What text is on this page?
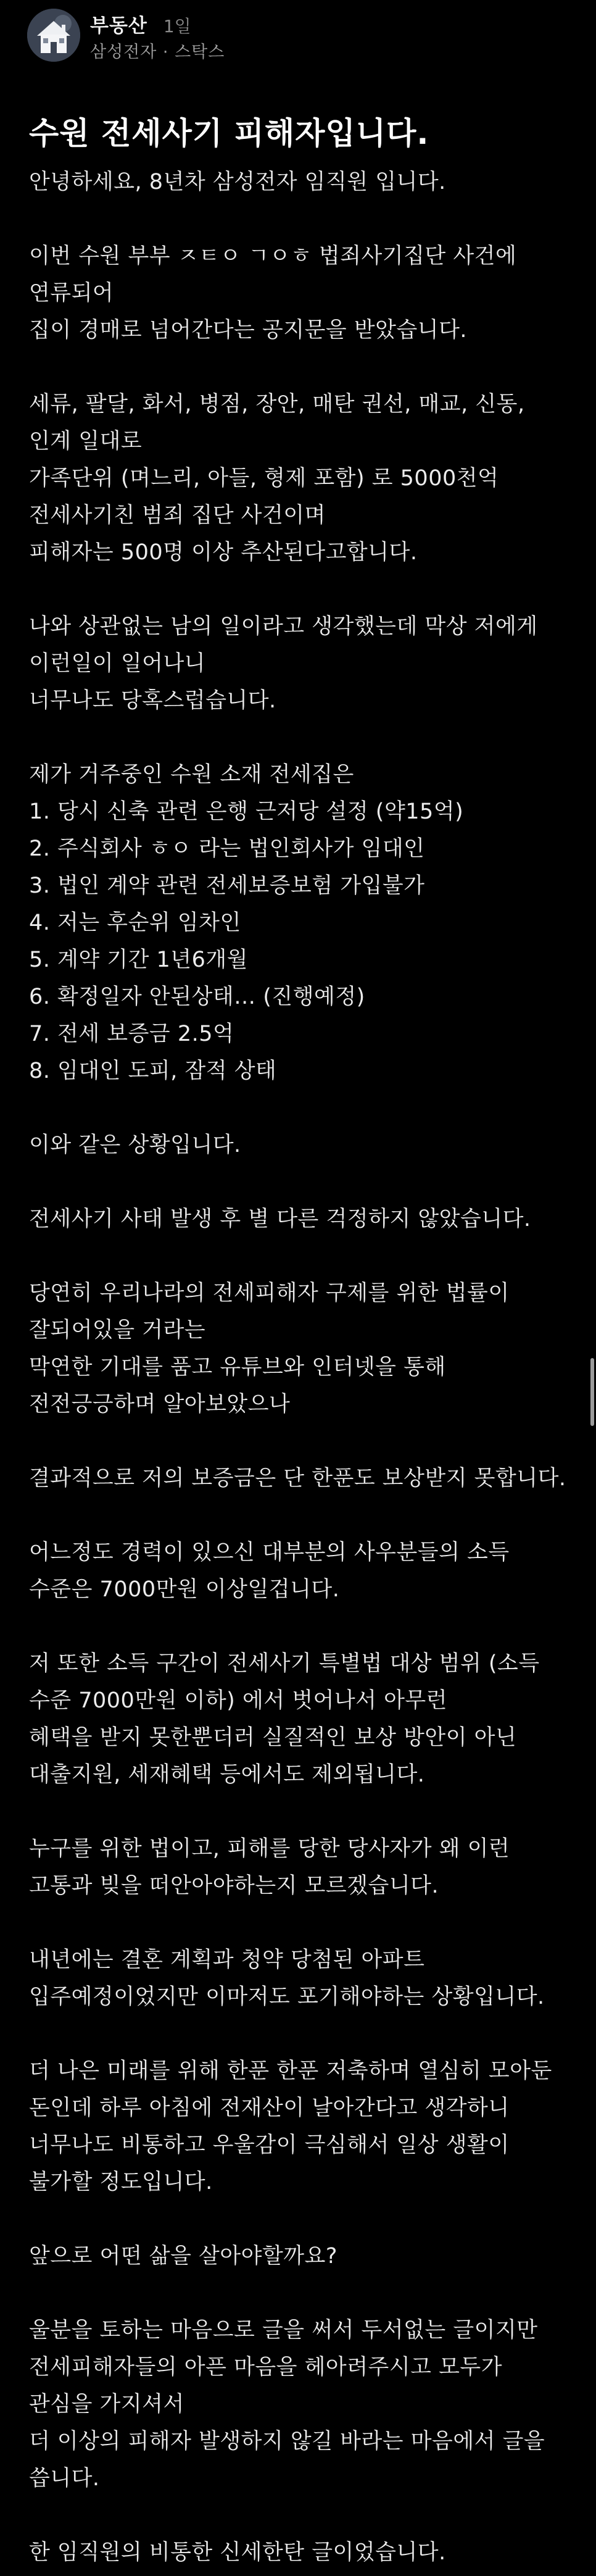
부동산 1일
삼성전자 · 스탁스
수원 전세사기 피해자입니다.
안녕하세요, 8년차 삼성전자 임직원 입니다.
이번 수원 부부 ㅈㅌㅇ ㄱㅇㅎ 법죄사기집단 사건에 연류되어
집이 경매로 넘어간다는 공지문을 받았습니다.
세류, 팔달, 화서, 병점, 장안, 매탄 권선, 매교, 신동, 인계 일대로
가족단위 (며느리, 아들, 형제 포함) 로 5000천억 전세사기친 범죄 집단 사건이며
피해자는 500명 이상 추산된다고합니다.
나와 상관없는 남의 일이라고 생각했는데 막상 저에게 이런일이 일어나니
너무나도 당혹스럽습니다.
제가 거주중인 수원 소재 전세집은
1. 당시 신축 관련 은행 근저당 설정 (약15억)
2. 주식회사 ㅎㅇ 라는 법인회사가 임대인
3. 법인 계약 관련 전세보증보험 가입불가
4. 저는 후순위 임차인
5. 계약 기간 1년6개월
6. 확정일자 안된상태… (진행예정)
7. 전세 보증금 2.5억
8. 임대인 도피, 잠적 상태
이와 같은 상황입니다.
전세사기 사태 발생 후 별 다른 걱정하지 않았습니다.
당연히 우리나라의 전세피해자 구제를 위한 법률이 잘되어있을 거라는
막연한 기대를 품고 유튜브와 인터넷을 통해 전전긍긍하며 알아보았으나
결과적으로 저의 보증금은 단 한푼도 보상받지 못합니다.
어느정도 경력이 있으신 대부분의 사우분들의 소득 수준은 7000만원 이상일겁니다.
저 또한 소득 구간이 전세사기 특별법 대상 범위 (소득 수준 7000만원 이하) 에서 벗어나서 아무런
혜택을 받지 못한뿐더러 실질적인 보상 방안이 아닌 대출지원, 세재혜택 등에서도 제외됩니다.
누구를 위한 법이고, 피해를 당한 당사자가 왜 이런 고통과 빚을 떠안아야하는지 모르겠습니다.
내년에는 결혼 계획과 청약 당첨된 아파트 입주예정이었지만 이마저도 포기해야하는 상황입니다.
더 나은 미래를 위해 한푼 한푼 저축하며 열심히 모아둔 돈인데 하루 아침에 전재산이 날아간다고 생각하니
너무나도 비통하고 우울감이 극심해서 일상 생활이 불가할 정도입니다.
앞으로 어떤 삶을 살아야할까요?
울분을 토하는 마음으로 글을 써서 두서없는 글이지만
전세피해자들의 아픈 마음을 헤아려주시고 모두가 관심을 가지셔서
더 이상의 피해자 발생하지 않길 바라는 마음에서 글을 씁니다.
한 임직원의 비통한 신세한탄 글이었습니다.
